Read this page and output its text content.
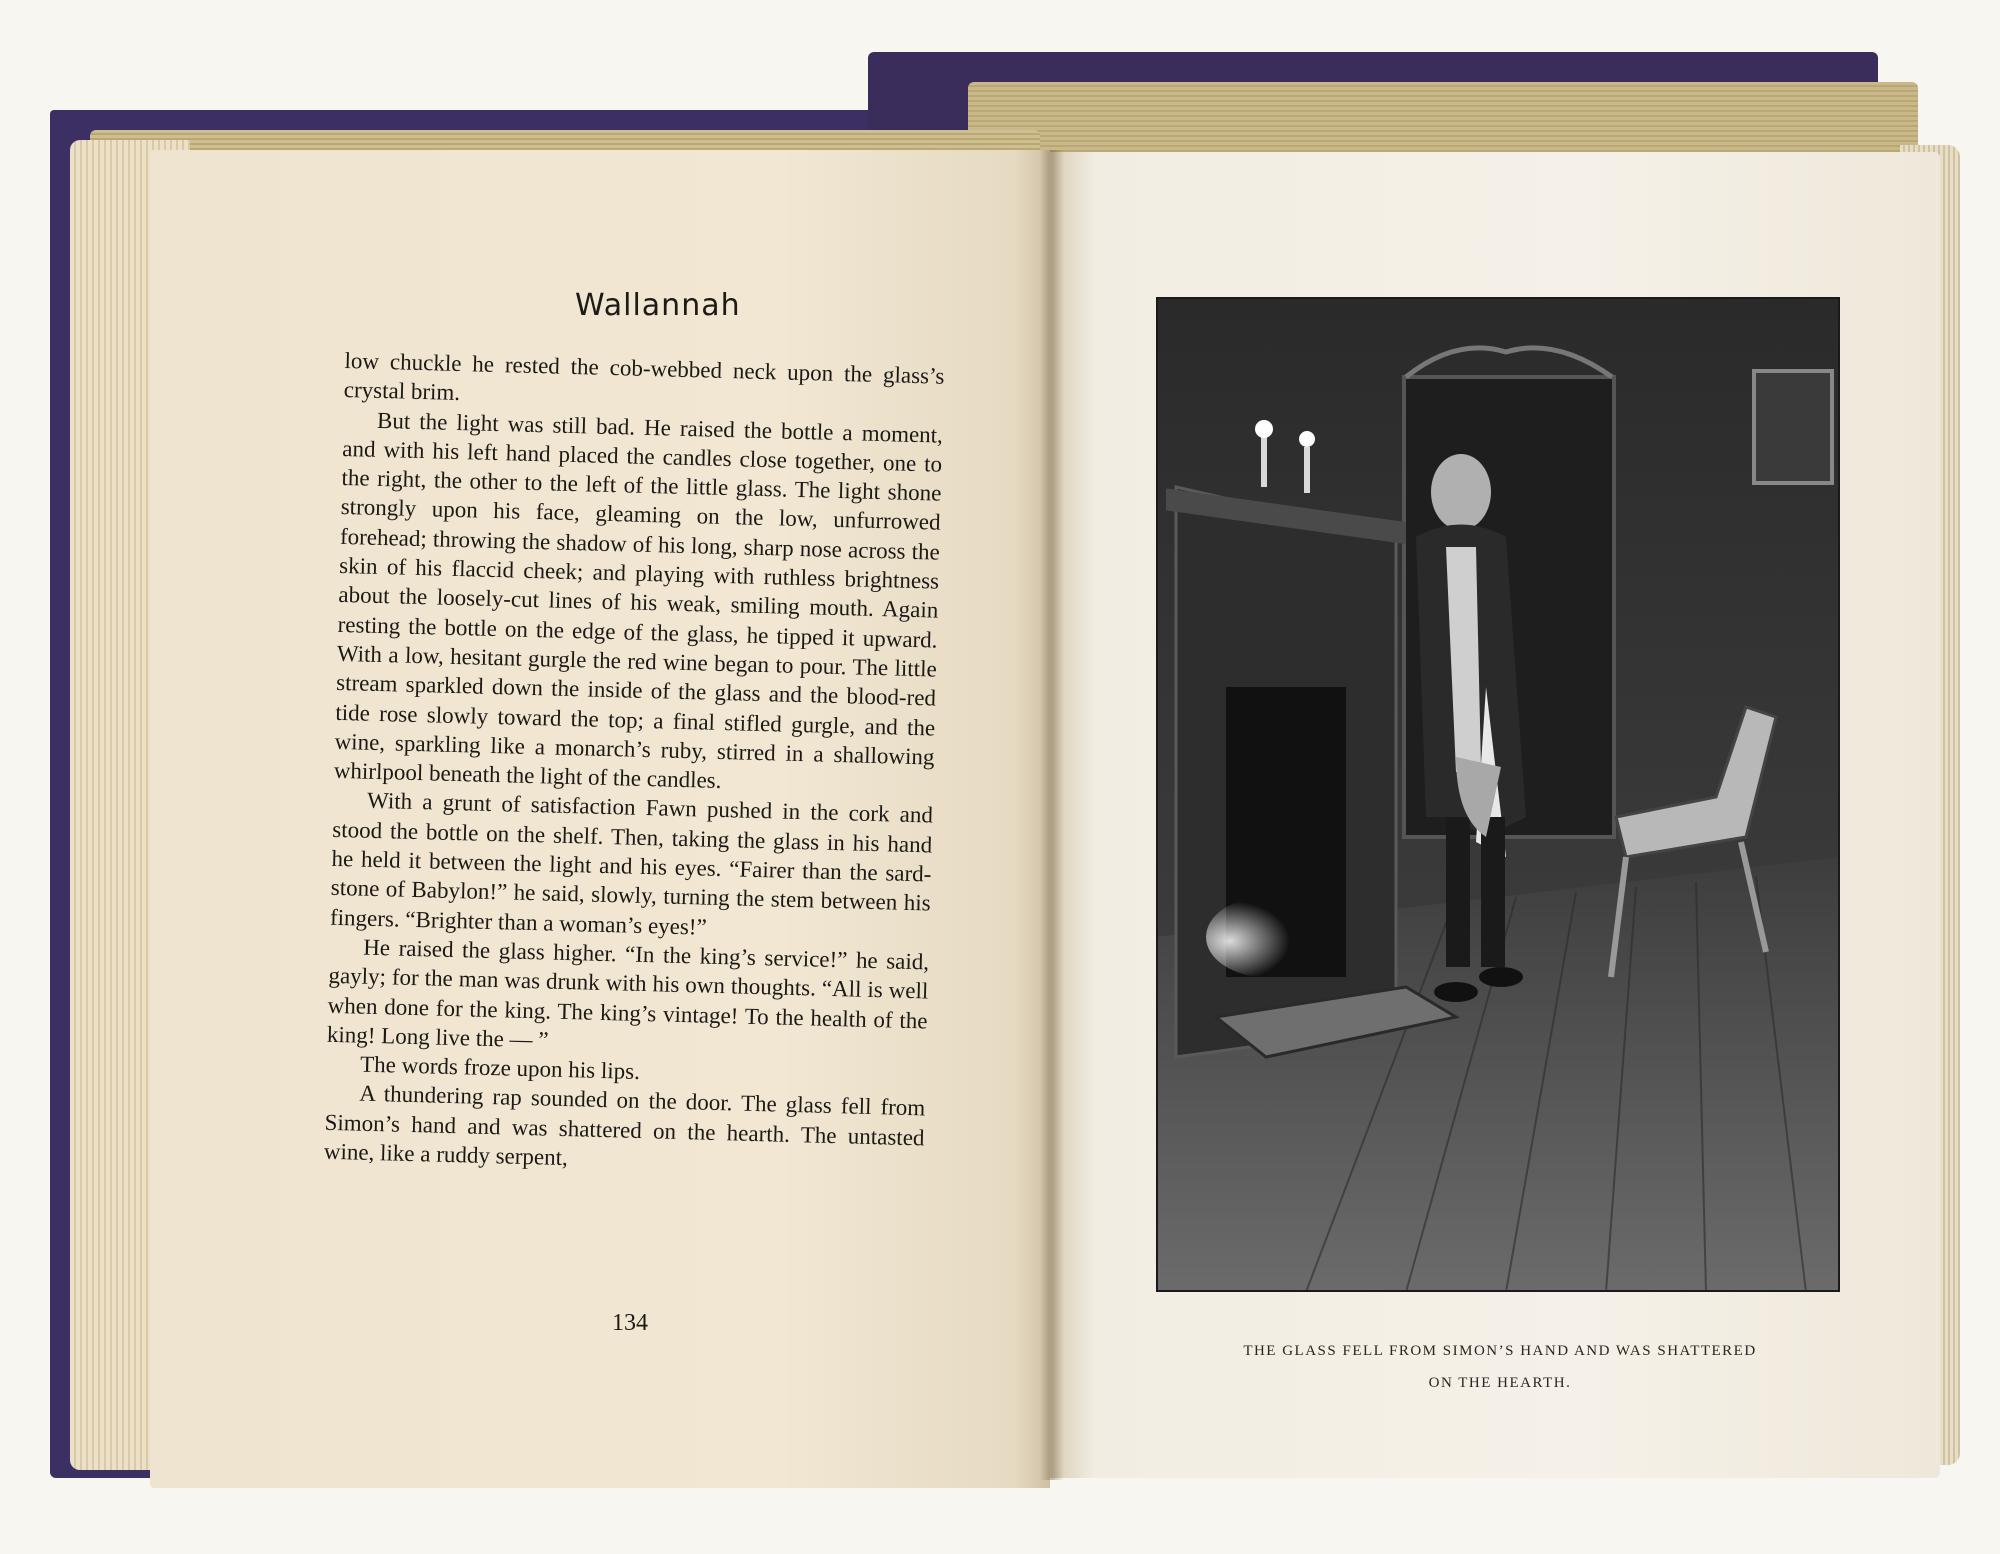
Wallannah

low chuckle he rested the cob-webbed neck upon the glass’s crystal brim.

But the light was still bad. He raised the bottle a moment, and with his left hand placed the candles close together, one to the right, the other to the left of the little glass. The light shone strongly upon his face, gleaming on the low, unfurrowed forehead; throwing the shadow of his long, sharp nose across the skin of his flaccid cheek; and playing with ruthless brightness about the loosely-cut lines of his weak, smiling mouth. Again resting the bottle on the edge of the glass, he tipped it upward. With a low, hesitant gurgle the red wine began to pour. The little stream sparkled down the inside of the glass and the blood-red tide rose slowly toward the top; a final stifled gurgle, and the wine, sparkling like a monarch’s ruby, stirred in a shallowing whirlpool beneath the light of the candles.

With a grunt of satisfaction Fawn pushed in the cork and stood the bottle on the shelf. Then, taking the glass in his hand he held it between the light and his eyes. “Fairer than the sard-stone of Babylon!” he said, slowly, turning the stem between his fingers. “Brighter than a woman’s eyes!”

He raised the glass higher. “In the king’s service!” he said, gayly; for the man was drunk with his own thoughts. “All is well when done for the king. The king’s vintage! To the health of the king! Long live the — ”

The words froze upon his lips.

A thundering rap sounded on the door. The glass fell from Simon’s hand and was shattered on the hearth. The untasted wine, like a ruddy serpent,

134
THE GLASS FELL FROM SIMON’S HAND AND WAS SHATTERED
ON THE HEARTH.
